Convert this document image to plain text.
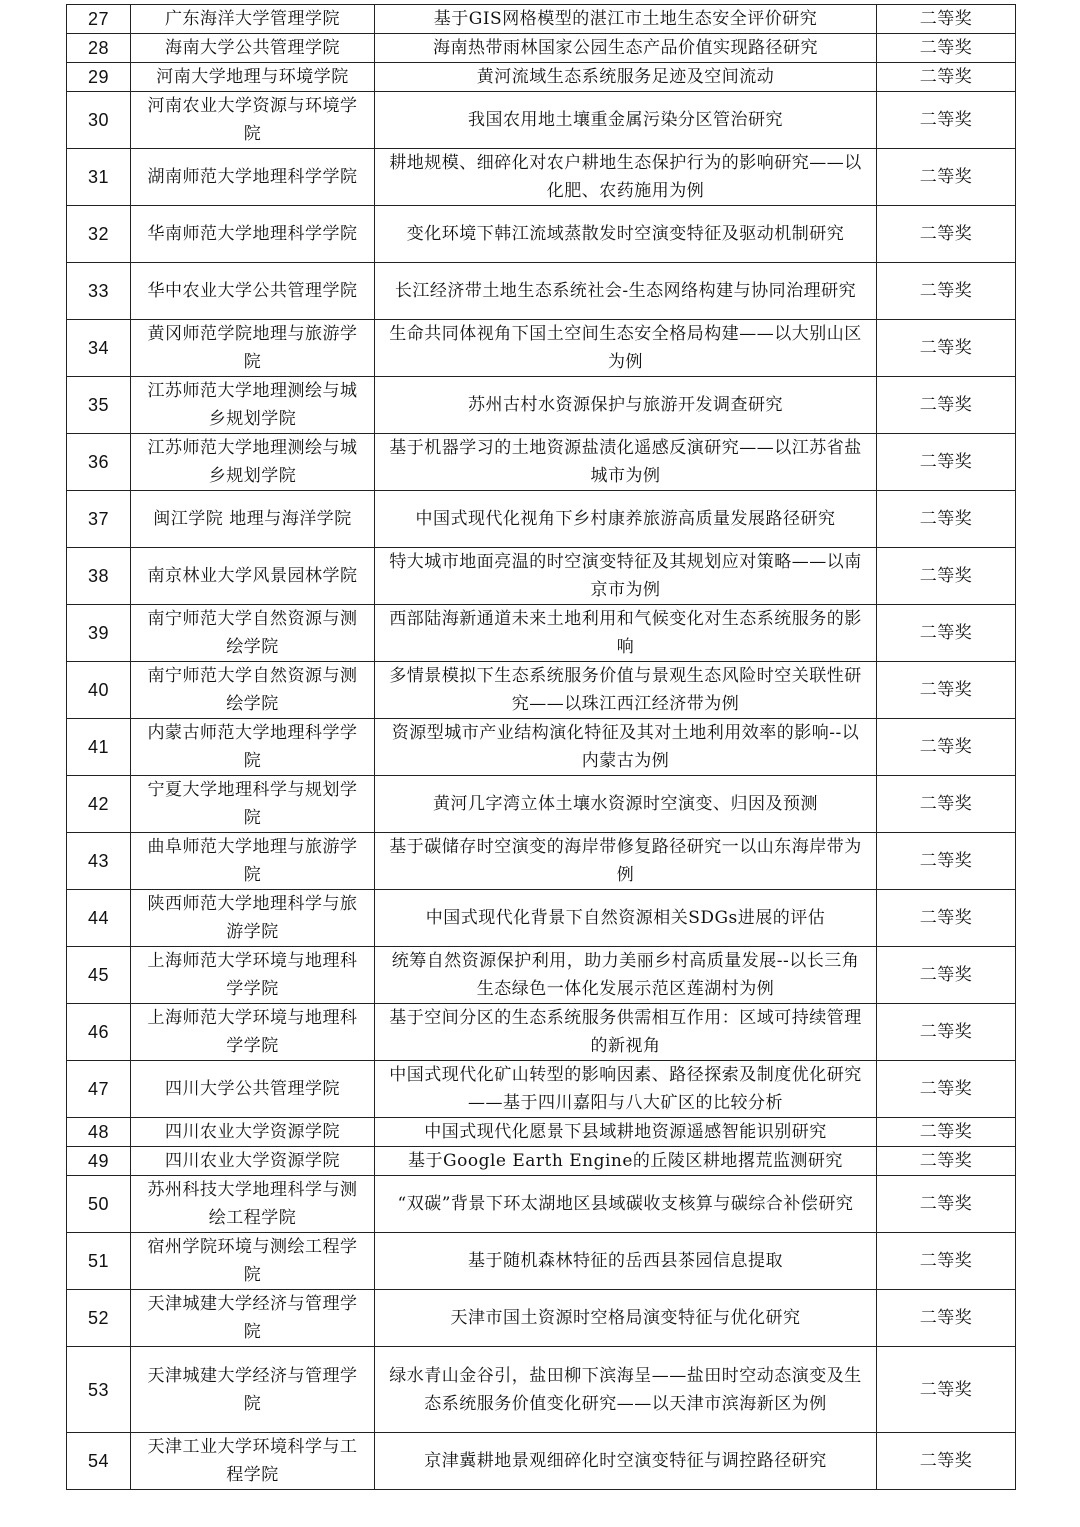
27	广东海洋大学管理学院	基于GIS网格模型的湛江市土地生态安全评价研究	二等奖
28	海南大学公共管理学院	海南热带雨林国家公园生态产品价值实现路径研究	二等奖
29	河南大学地理与环境学院	黄河流域生态系统服务足迹及空间流动	二等奖
30	河南农业大学资源与环境学院	我国农用地土壤重金属污染分区管治研究	二等奖
31	湖南师范大学地理科学学院	耕地规模、细碎化对农户耕地生态保护行为的影响研究——以化肥、农药施用为例	二等奖
32	华南师范大学地理科学学院	变化环境下韩江流域蒸散发时空演变特征及驱动机制研究	二等奖
33	华中农业大学公共管理学院	长江经济带土地生态系统社会-生态网络构建与协同治理研究	二等奖
34	黄冈师范学院地理与旅游学院	生命共同体视角下国土空间生态安全格局构建——以大别山区为例	二等奖
35	江苏师范大学地理测绘与城乡规划学院	苏州古村水资源保护与旅游开发调查研究	二等奖
36	江苏师范大学地理测绘与城乡规划学院	基于机器学习的土地资源盐渍化遥感反演研究——以江苏省盐城市为例	二等奖
37	闽江学院 地理与海洋学院	中国式现代化视角下乡村康养旅游高质量发展路径研究	二等奖
38	南京林业大学风景园林学院	特大城市地面亮温的时空演变特征及其规划应对策略——以南京市为例	二等奖
39	南宁师范大学自然资源与测绘学院	西部陆海新通道未来土地利用和气候变化对生态系统服务的影响	二等奖
40	南宁师范大学自然资源与测绘学院	多情景模拟下生态系统服务价值与景观生态风险时空关联性研究——以珠江西江经济带为例	二等奖
41	内蒙古师范大学地理科学学院	资源型城市产业结构演化特征及其对土地利用效率的影响--以内蒙古为例	二等奖
42	宁夏大学地理科学与规划学院	黄河几字湾立体土壤水资源时空演变、归因及预测	二等奖
43	曲阜师范大学地理与旅游学院	基于碳储存时空演变的海岸带修复路径研究一以山东海岸带为例	二等奖
44	陕西师范大学地理科学与旅游学院	中国式现代化背景下自然资源相关SDGs进展的评估	二等奖
45	上海师范大学环境与地理科学学院	统筹自然资源保护利用，助力美丽乡村高质量发展--以长三角生态绿色一体化发展示范区莲湖村为例	二等奖
46	上海师范大学环境与地理科学学院	基于空间分区的生态系统服务供需相互作用：区域可持续管理的新视角	二等奖
47	四川大学公共管理学院	中国式现代化矿山转型的影响因素、路径探索及制度优化研究——基于四川嘉阳与八大矿区的比较分析	二等奖
48	四川农业大学资源学院	中国式现代化愿景下县域耕地资源遥感智能识别研究	二等奖
49	四川农业大学资源学院	基于Google Earth Engine的丘陵区耕地撂荒监测研究	二等奖
50	苏州科技大学地理科学与测绘工程学院	“双碳”背景下环太湖地区县域碳收支核算与碳综合补偿研究	二等奖
51	宿州学院环境与测绘工程学院	基于随机森林特征的岳西县茶园信息提取	二等奖
52	天津城建大学经济与管理学院	天津市国土资源时空格局演变特征与优化研究	二等奖
53	天津城建大学经济与管理学院	绿水青山金谷引，盐田柳下滨海呈——盐田时空动态演变及生态系统服务价值变化研究——以天津市滨海新区为例	二等奖
54	天津工业大学环境科学与工程学院	京津冀耕地景观细碎化时空演变特征与调控路径研究	二等奖
